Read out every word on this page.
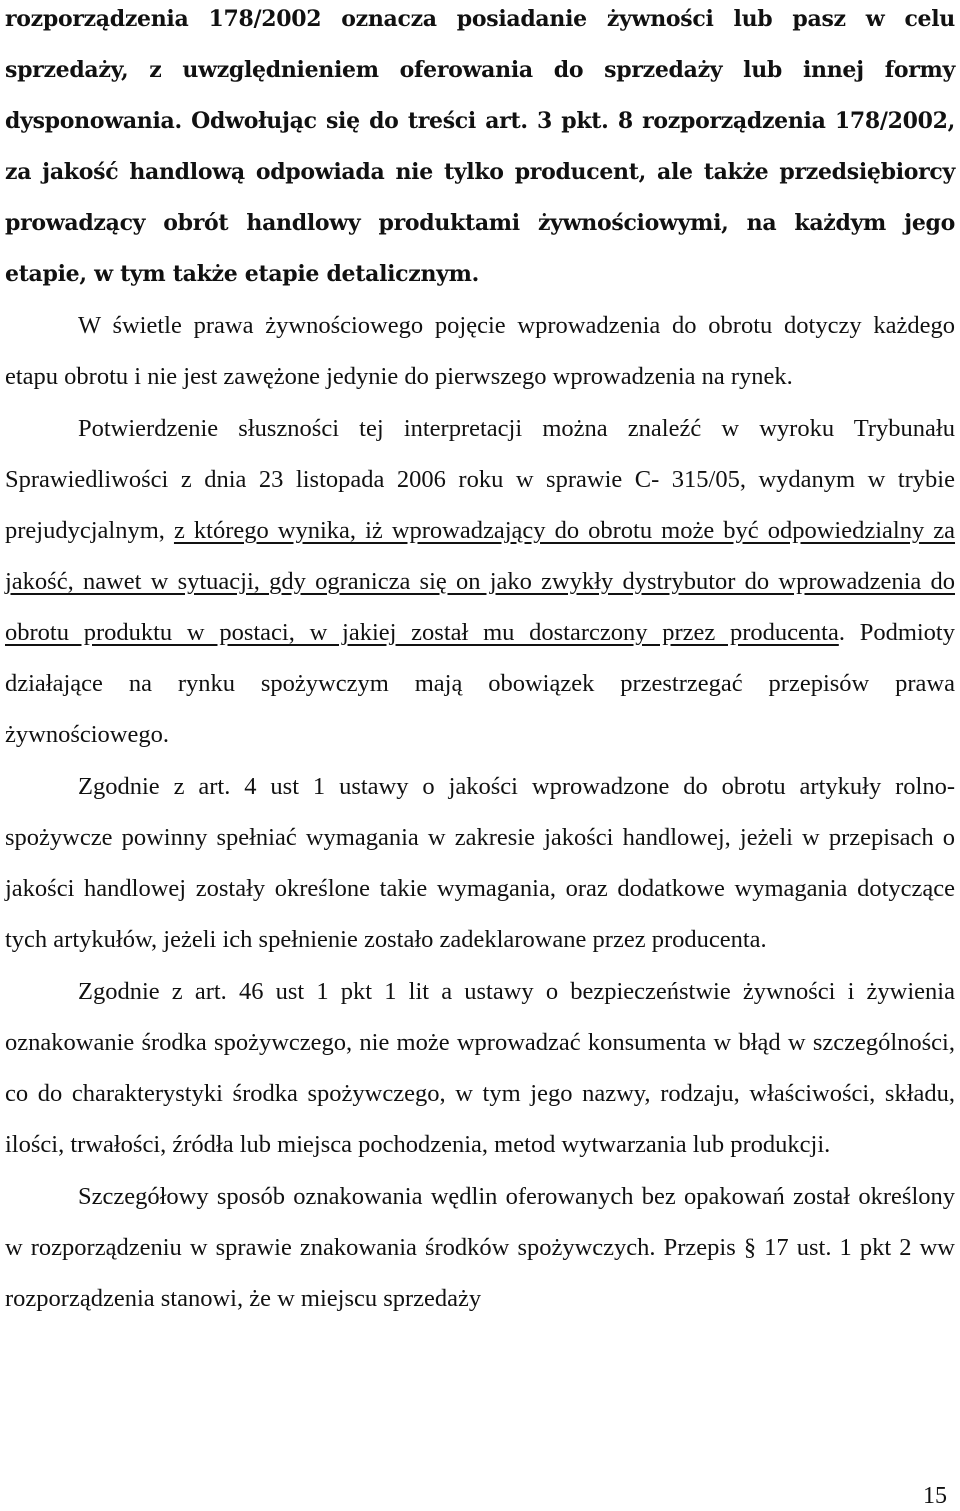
rozporządzenia 178/2002 oznacza posiadanie żywności lub pasz w celu sprzedaży, z uwzględnieniem oferowania do sprzedaży lub innej formy dysponowania. Odwołując się do treści art. 3 pkt. 8 rozporządzenia 178/2002, za jakość handlową odpowiada nie tylko producent, ale także przedsiębiorcy prowadzący obrót handlowy produktami żywnościowymi, na każdym jego etapie, w tym także etapie detalicznym.

W świetle prawa żywnościowego pojęcie wprowadzenia do obrotu dotyczy każdego etapu obrotu i nie jest zawężone jedynie do pierwszego wprowadzenia na rynek.

Potwierdzenie słuszności tej interpretacji można znaleźć w wyroku Trybunału Sprawiedliwości z dnia 23 listopada 2006 roku w sprawie C- 315/05, wydanym w trybie prejudycjalnym, z którego wynika, iż wprowadzający do obrotu może być odpowiedzialny za jakość, nawet w sytuacji, gdy ogranicza się on jako zwykły dystrybutor do wprowadzenia do obrotu produktu w postaci, w jakiej został mu dostarczony przez producenta. Podmioty działające na rynku spożywczym mają obowiązek przestrzegać przepisów prawa żywnościowego.

Zgodnie z art. 4 ust 1 ustawy o jakości wprowadzone do obrotu artykuły rolno- spożywcze powinny spełniać wymagania w zakresie jakości handlowej, jeżeli w przepisach o jakości handlowej zostały określone takie wymagania, oraz dodatkowe wymagania dotyczące tych artykułów, jeżeli ich spełnienie zostało zadeklarowane przez producenta.

Zgodnie z art. 46 ust 1 pkt 1 lit a ustawy o bezpieczeństwie żywności i żywienia oznakowanie środka spożywczego, nie może wprowadzać konsumenta w błąd w szczególności, co do charakterystyki środka spożywczego, w tym jego nazwy, rodzaju, właściwości, składu, ilości, trwałości, źródła lub miejsca pochodzenia, metod wytwarzania lub produkcji.

Szczegółowy sposób oznakowania wędlin oferowanych bez opakowań został określony w rozporządzeniu w sprawie znakowania środków spożywczych. Przepis § 17 ust. 1 pkt 2 ww rozporządzenia stanowi, że w miejscu sprzedaży

15
